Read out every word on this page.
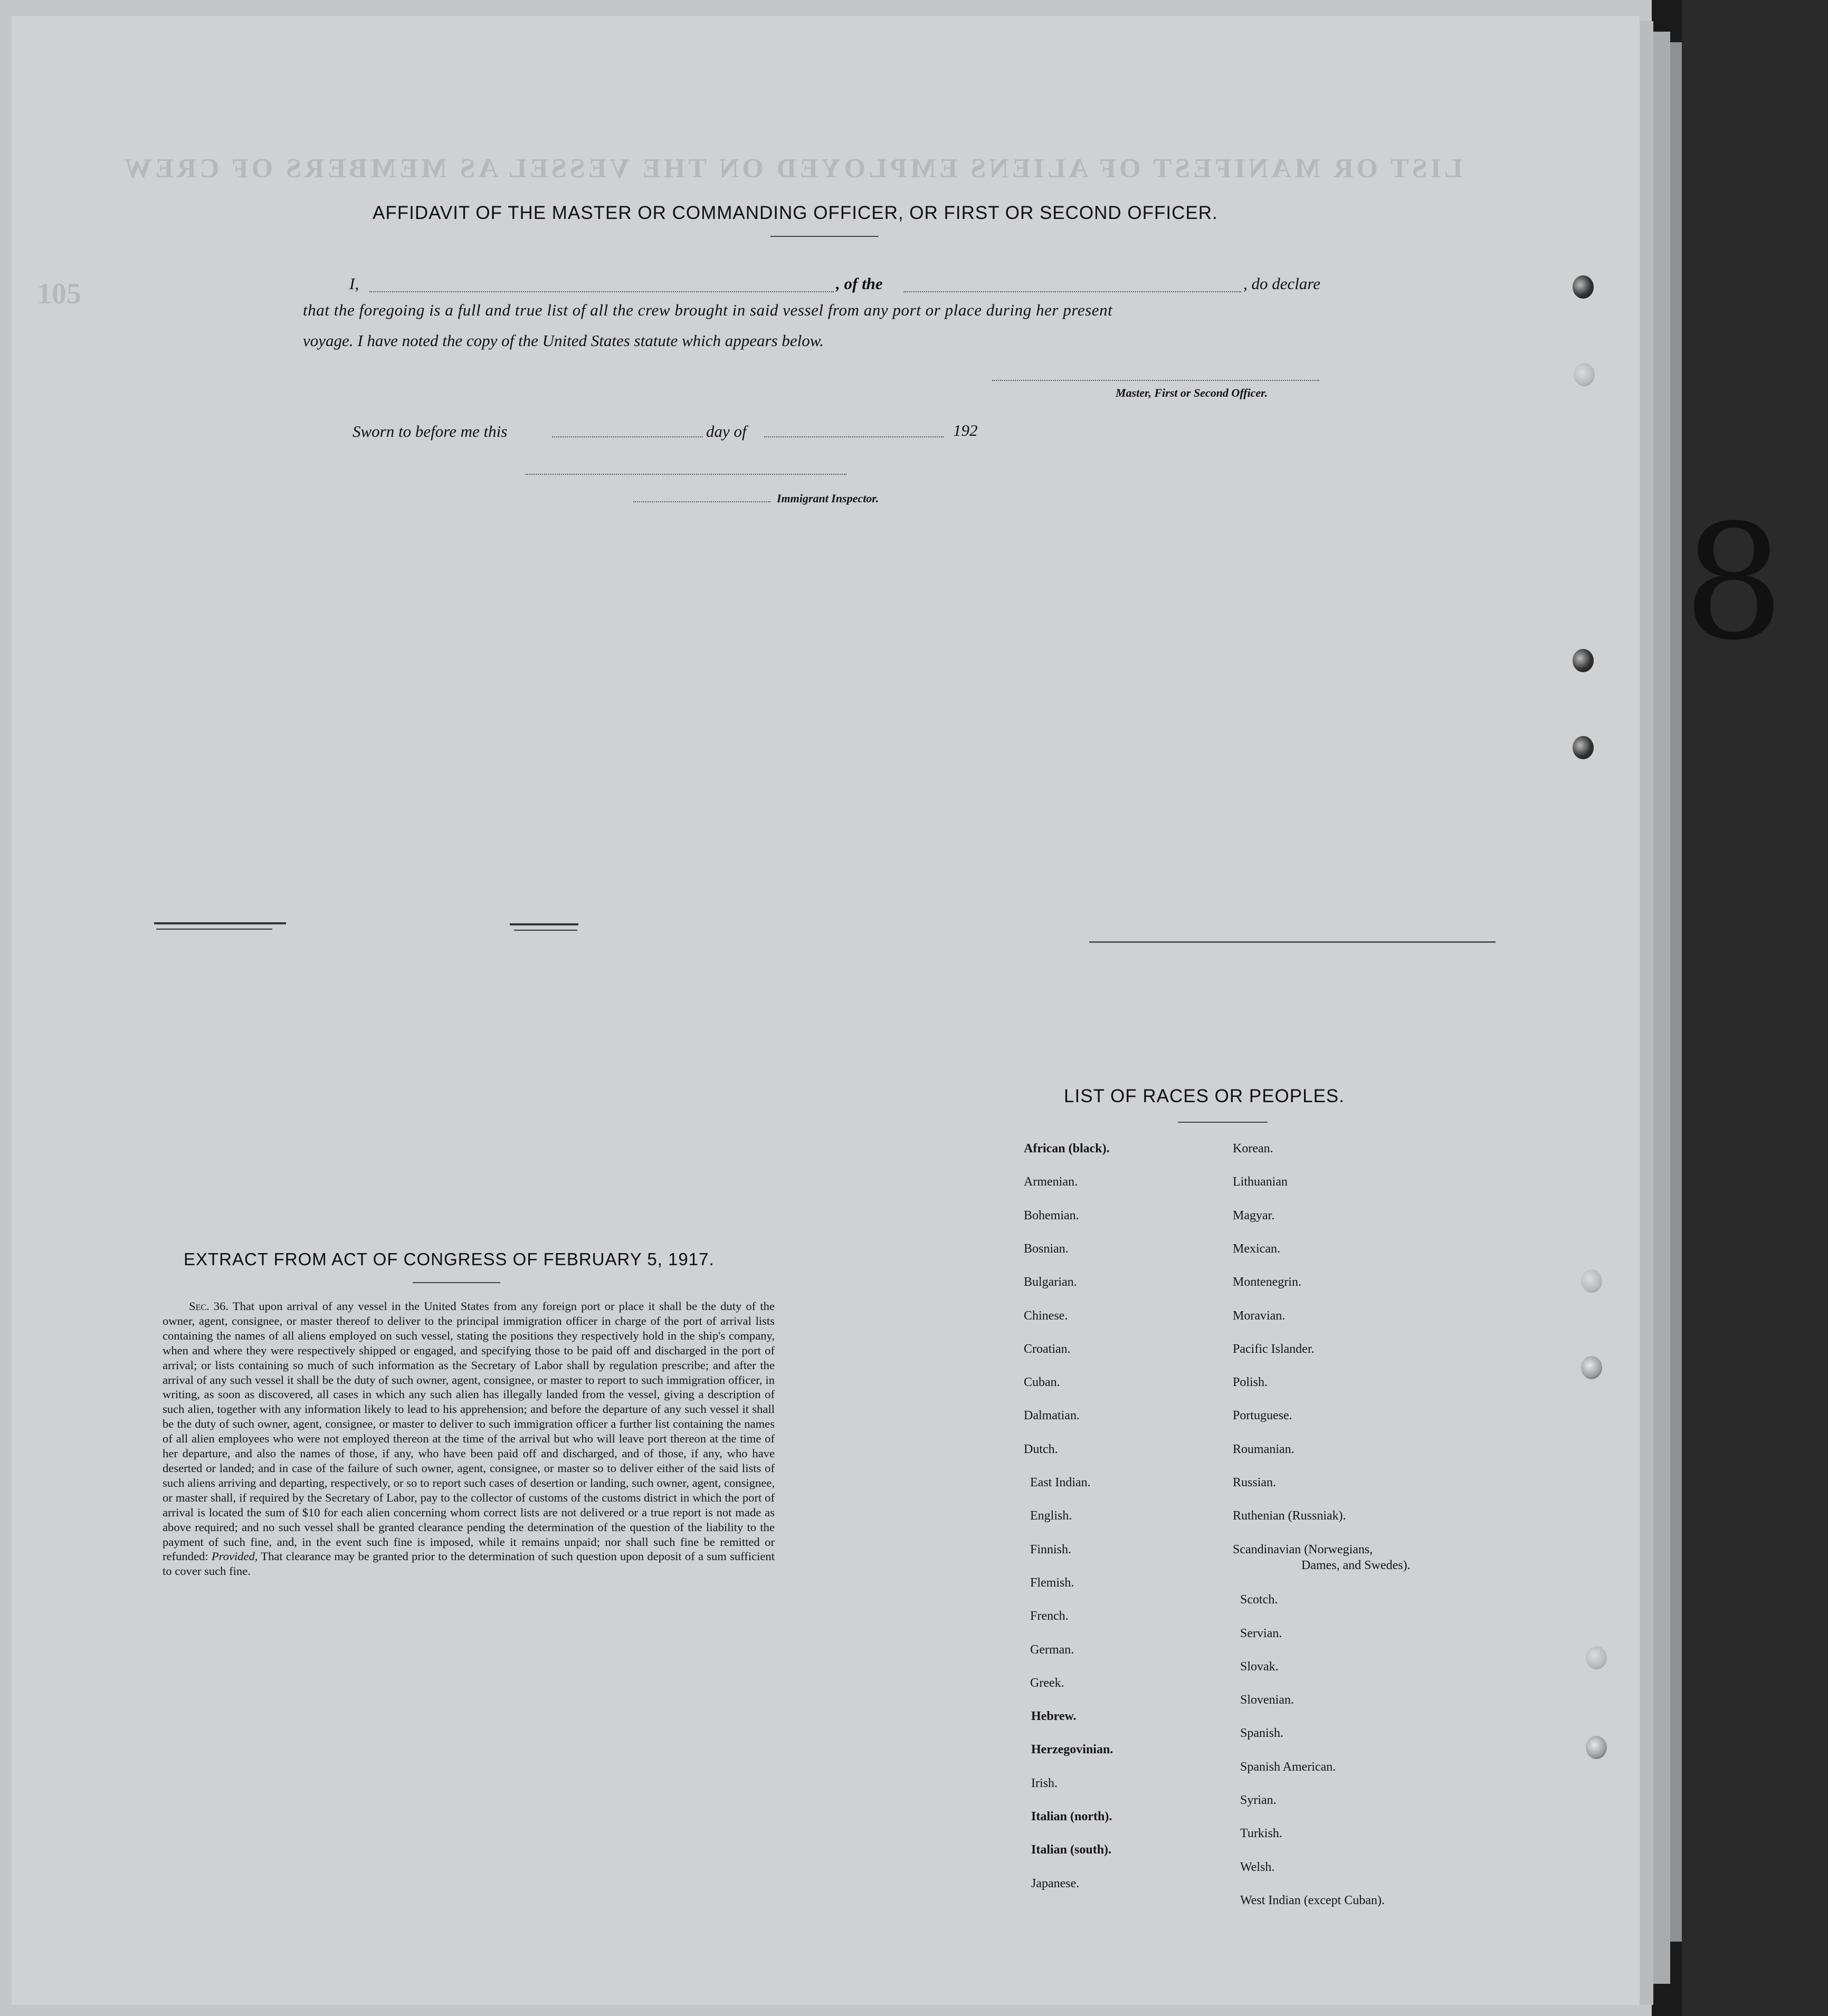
8
LIST OR MANIFEST OF ALIENS EMPLOYED ON THE VESSEL AS MEMBERS OF CREW
105
AFFIDAVIT OF THE MASTER OR COMMANDING OFFICER, OR FIRST OR SECOND OFFICER.
I,	, of the	, do declare
that the foregoing is a full and true list of all the crew brought in said vessel from any port or place during her present
voyage. I have noted the copy of the United States statute which appears below.
Master, First or Second Officer.
Sworn to before me this	day of	192
Immigrant Inspector.
EXTRACT FROM ACT OF CONGRESS OF FEBRUARY 5, 1917.
Sec. 36. That upon arrival of any vessel in the United States from any foreign port or place it shall be the duty of the owner, agent, consignee, or master thereof to deliver to the principal immigration officer in charge of the port of arrival lists containing the names of all aliens employed on such vessel, stating the positions they respectively hold in the ship's company, when and where they were respectively shipped or engaged, and specifying those to be paid off and discharged in the port of arrival; or lists containing so much of such information as the Secretary of Labor shall by regulation prescribe; and after the arrival of any such vessel it shall be the duty of such owner, agent, consignee, or master to report to such immigration officer, in writing, as soon as discovered, all cases in which any such alien has illegally landed from the vessel, giving a description of such alien, together with any information likely to lead to his apprehension; and before the departure of any such vessel it shall be the duty of such owner, agent, consignee, or master to deliver to such immigration officer a further list containing the names of all alien employees who were not employed thereon at the time of the arrival but who will leave port thereon at the time of her departure, and also the names of those, if any, who have been paid off and discharged, and of those, if any, who have deserted or landed; and in case of the failure of such owner, agent, consignee, or master so to deliver either of the said lists of such aliens arriving and departing, respectively, or so to report such cases of desertion or landing, such owner, agent, consignee, or master shall, if required by the Secretary of Labor, pay to the collector of customs of the customs district in which the port of arrival is located the sum of $10 for each alien concerning whom correct lists are not delivered or a true report is not made as above required; and no such vessel shall be granted clearance pending the determination of the question of the liability to the payment of such fine, and, in the event such fine is imposed, while it remains unpaid; nor shall such fine be remitted or refunded: Provided, That clearance may be granted prior to the determination of such question upon deposit of a sum sufficient to cover such fine.
LIST OF RACES OR PEOPLES.
African (black).
Armenian.
Bohemian.
Bosnian.
Bulgarian.
Chinese.
Croatian.
Cuban.
Dalmatian.
Dutch.
East Indian.
English.
Finnish.
Flemish.
French.
German.
Greek.
Hebrew.
Herzegovinian.
Irish.
Italian (north).
Italian (south).
Japanese.
Korean.
Lithuanian
Magyar.
Mexican.
Montenegrin.
Moravian.
Pacific Islander.
Polish.
Portuguese.
Roumanian.
Russian.
Ruthenian (Russniak).
Scandinavian (Norwegians,
Dames, and Swedes).
Scotch.
Servian.
Slovak.
Slovenian.
Spanish.
Spanish American.
Syrian.
Turkish.
Welsh.
West Indian (except Cuban).
